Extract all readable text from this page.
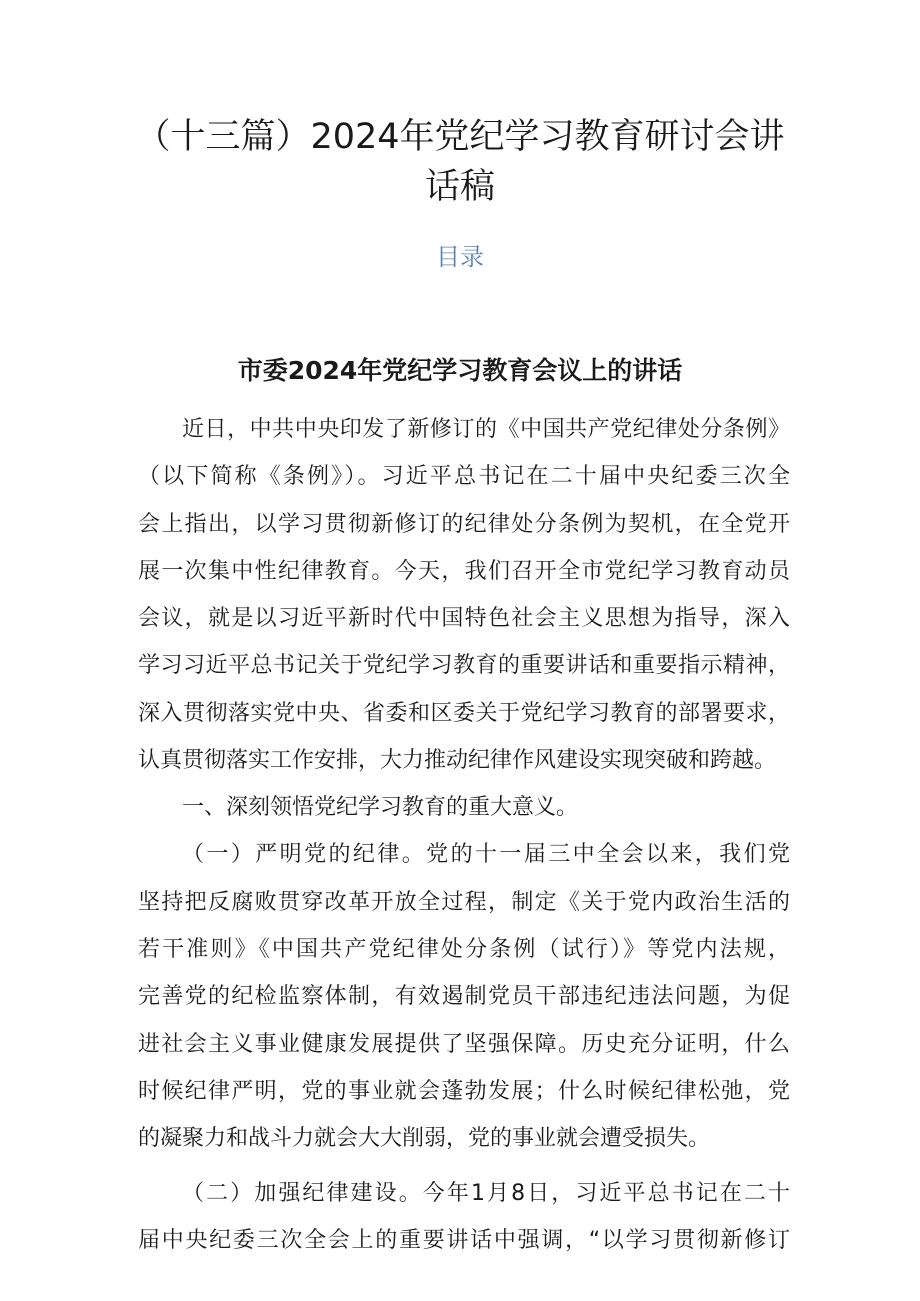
（十三篇）2024年党纪学习教育研讨会讲
话稿
目录
市委2024年党纪学习教育会议上的讲话
近日，中共中央印发了新修订的《中国共产党纪律处分条例》
（以下简称《条例》）。习近平总书记在二十届中央纪委三次全
会上指出，以学习贯彻新修订的纪律处分条例为契机，在全党开
展一次集中性纪律教育。今天，我们召开全市党纪学习教育动员
会议，就是以习近平新时代中国特色社会主义思想为指导，深入
学习习近平总书记关于党纪学习教育的重要讲话和重要指示精神，
深入贯彻落实党中央、省委和区委关于党纪学习教育的部署要求，
认真贯彻落实工作安排，大力推动纪律作风建设实现突破和跨越。
一、深刻领悟党纪学习教育的重大意义。
（一）严明党的纪律。党的十一届三中全会以来，我们党
坚持把反腐败贯穿改革开放全过程，制定《关于党内政治生活的
若干准则》《中国共产党纪律处分条例（试行）》等党内法规，
完善党的纪检监察体制，有效遏制党员干部违纪违法问题，为促
进社会主义事业健康发展提供了坚强保障。历史充分证明，什么
时候纪律严明，党的事业就会蓬勃发展；什么时候纪律松弛，党
的凝聚力和战斗力就会大大削弱，党的事业就会遭受损失。
（二）加强纪律建设。今年1月8日，习近平总书记在二十
届中央纪委三次全会上的重要讲话中强调，“以学习贯彻新修订
